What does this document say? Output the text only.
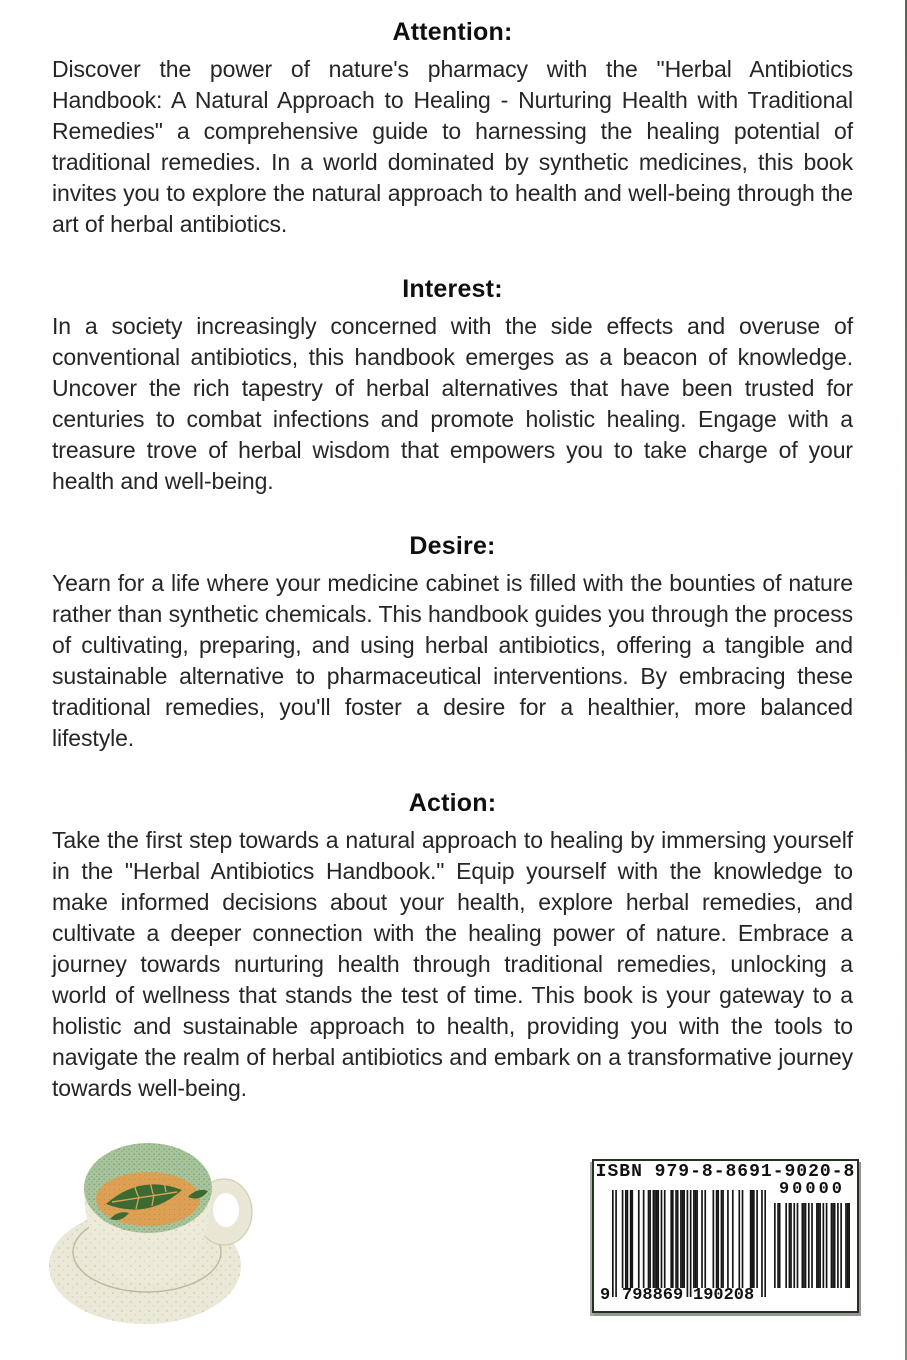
Attention:

Discover the power of nature's pharmacy with the "Herbal Antibiotics Handbook: A Natural Approach to Healing - Nurturing Health with Traditional Remedies" a comprehensive guide to harnessing the healing potential of traditional remedies. In a world dominated by synthetic medicines, this book invites you to explore the natural approach to health and well-being through the art of herbal antibiotics.

Interest:

In a society increasingly concerned with the side effects and overuse of conventional antibiotics, this handbook emerges as a beacon of knowledge. Uncover the rich tapestry of herbal alternatives that have been trusted for centuries to combat infections and promote holistic healing. Engage with a treasure trove of herbal wisdom that empowers you to take charge of your health and well-being.

Desire:

Yearn for a life where your medicine cabinet is filled with the bounties of nature rather than synthetic chemicals. This handbook guides you through the process of cultivating, preparing, and using herbal antibiotics, offering a tangible and sustainable alternative to pharmaceutical interventions. By embracing these traditional remedies, you'll foster a desire for a healthier, more balanced lifestyle.

Action:

Take the first step towards a natural approach to healing by immersing yourself in the "Herbal Antibiotics Handbook." Equip yourself with the knowledge to make informed decisions about your health, explore herbal remedies, and cultivate a deeper connection with the healing power of nature. Embrace a journey towards nurturing health through traditional remedies, unlocking a world of wellness that stands the test of time. This book is your gateway to a holistic and sustainable approach to health, providing you with the tools to navigate the realm of herbal antibiotics and embark on a transformative journey towards well-being.

ISBN 979-8-8691-9020-8
90000
9 798869 190208
